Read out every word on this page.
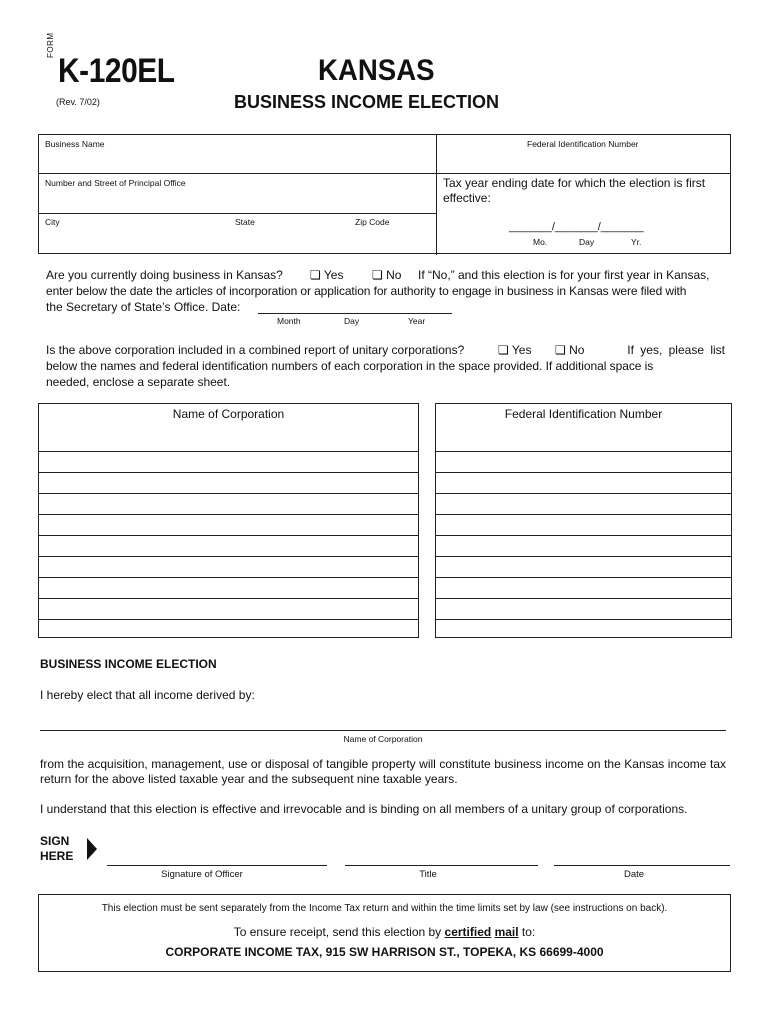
FORM
K-120EL
(Rev. 7/02)
KANSAS
BUSINESS INCOME ELECTION
Business Name	Federal Identification Number
Number and Street of Principal Office	Tax year ending date for which the election is first effective:
City	State	Zip Code	_______/_______/_______
Mo.	Day	Yr.
Are you currently doing business in Kansas? ❏ Yes ❏ No If “No,” and this election is for your first year in Kansas,
enter below the date the articles of incorporation or application for authority to engage in business in Kansas were filed with
the Secretary of State’s Office. Date:
Month	Day	Year
Is the above corporation included in a combined report of unitary corporations?	❏ Yes ❏ No	If yes, please list
below the names and federal identification numbers of each corporation in the space provided. If additional space is
needed, enclose a separate sheet.
Name of Corporation	Federal Identification Number
BUSINESS INCOME ELECTION
I hereby elect that all income derived by:
Name of Corporation
from the acquisition, management, use or disposal of tangible property will constitute business income on the Kansas income tax return for the above listed taxable year and the subsequent nine taxable years.
I understand that this election is effective and irrevocable and is binding on all members of a unitary group of corporations.
SIGN
HERE
Signature of Officer	Title	Date
This election must be sent separately from the Income Tax return and within the time limits set by law (see instructions on back).
To ensure receipt, send this election by certified mail to:
CORPORATE INCOME TAX, 915 SW HARRISON ST., TOPEKA, KS 66699-4000
